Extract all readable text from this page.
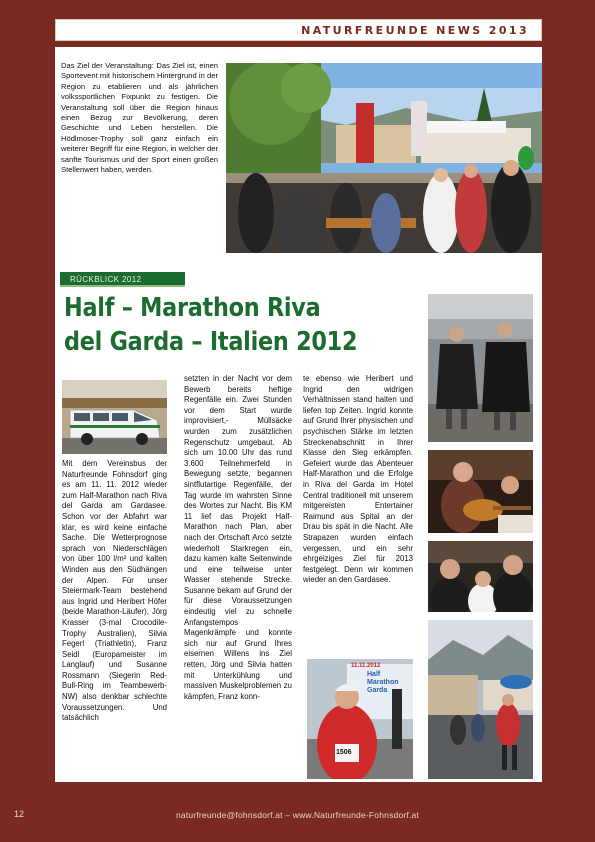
NATURFREUNDE NEWS 2013
Das Ziel der Veranstaltung: Das Ziel ist, einen Sportevent mit historischem Hintergrund in der Region zu etablieren und als jährlichen volkssportlichen Fixpunkt zu festigen. Die Veranstaltung soll über die Region hinaus einen Bezug zur Bevölkerung, deren Geschichte und Leben herstellen. Die Hödlmoser-Trophy soll ganz einfach ein weiterer Begriff für eine Region, in welcher der sanfte Tourismus und der Sport einen großen Stellenwert haben, werden.
RÜCKBLICK 2012
Half – Marathon Riva del Garda – Italien 2012
Mit dem Vereinsbus der Naturfreunde Fohnsdorf ging es am 11. 11. 2012 wieder zum Half-Marathon nach Riva del Garda am Gardasee. Schon vor der Abfahrt war klar, es wird keine einfache Sache. Die Wetterprognose sprach von Niederschlägen von über 100 l/m² und kalten Winden aus den Südhängen der Alpen. Für unser Steiermark-Team bestehend aus Ingrid und Heribert Höfer (beide Marathon-Läufer), Jörg Krasser (3-mal Crocodile-Trophy Australien), Silvia Fegerl (Triathletin), Franz Seidl (Europameister im Langlauf) und Susanne Rossmann (Siegerin Red-Bull-Ring im Teambewerb-NW) also denkbar schlechte Voraussetzungen. Und tatsächlich
setzten in der Nacht vor dem Bewerb bereits heftige Regenfälle ein. Zwei Stunden vor dem Start wurde improvisiert,- Müllsäcke wurden zum zusätzlichen Regenschutz umgebaut. Ab sich um 10.00 Uhr das rund 3.600 Teilnehmerfeld in Bewegung setzte, begannen sintflutartige Regenfälle, der Tag wurde im wahrsten Sinne des Wortes zur Nacht. Bis KM 11 lief das Projekt Half-Marathon nach Plan, aber nach der Ortschaft Arco setzte wiederholt Starkregen ein, dazu kamen kalte Seitenwinde und eine teilweise unter Wasser stehende Strecke. Susanne bekam auf Grund der für diese Voraussetzungen eindeutig viel zu schnelle Anfangstempos Magenkrämpfe und konnte sich nur auf Grund Ihres eisernen Willens ins Ziel retten, Jörg und Silvia hatten mit Unterkühlung und massiven Muskelproblemen zu kämpfen, Franz konn-
11.11.2012
Half Marathon Garda
1506
te ebenso wie Heribert und Ingrid den widrigen Verhältnissen stand halten und liefen top Zeiten. Ingrid konnte auf Grund Ihrer physischen und psychischen Stärke im letzten Streckenabschnitt in Ihrer Klasse den Sieg erkämpfen. Gefeiert wurde das Abenteuer Half-Marathon und die Erfolge in Riva del Garda im Hotel Central traditionell mit unserem mitgereisten Entertainer Raimund aus Spital an der Drau bis spät in die Nacht. Alle Strapazen wurden einfach vergessen, und ein sehr ehrgeiziges Ziel für 2013 festgelegt. Denn wir kommen wieder an den Gardasee.
12	naturfreunde@fohnsdorf.at – www.Naturfreunde-Fohnsdorf.at
